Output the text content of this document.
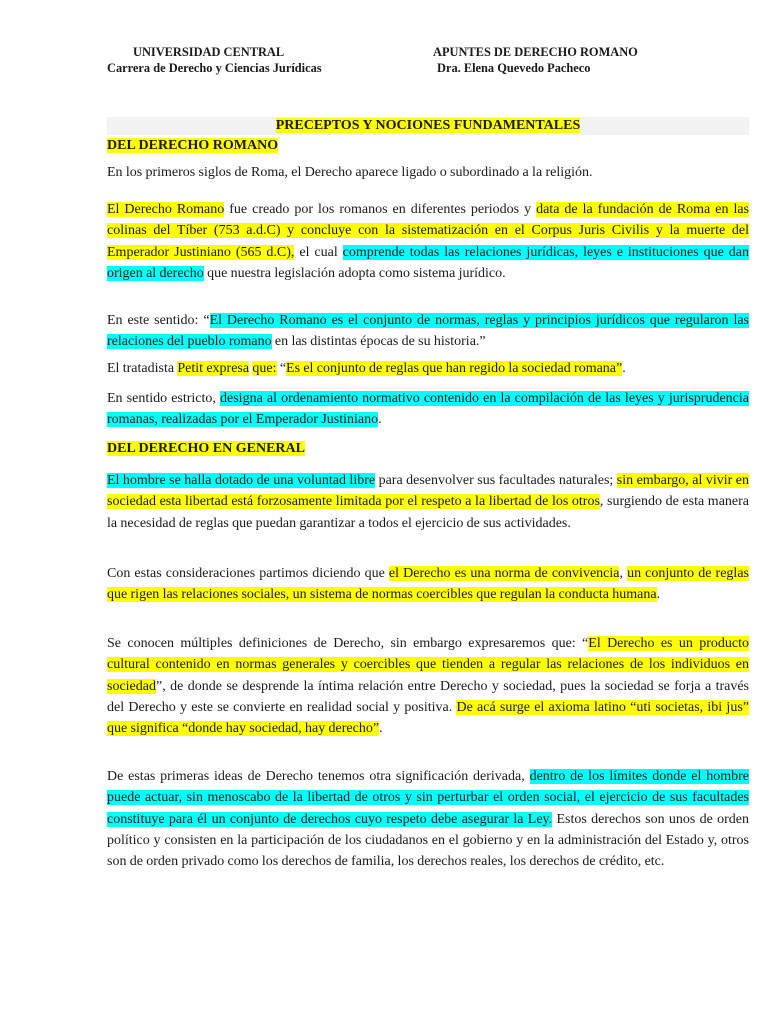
UNIVERSIDAD CENTRAL
Carrera de Derecho y Ciencias Jurídicas
APUNTES DE DERECHO ROMANO
Dra. Elena Quevedo Pacheco
PRECEPTOS Y NOCIONES FUNDAMENTALES
DEL DERECHO ROMANO
En los primeros siglos de Roma, el Derecho aparece ligado o subordinado a la religión.
El Derecho Romano fue creado por los romanos en diferentes periodos y data de la fundación de Roma en las colinas del Tíber (753 a.d.C) y concluye con la sistematización en el Corpus Juris Civilis y la muerte del Emperador Justiniano (565 d.C), el cual comprende todas las relaciones jurídicas, leyes e instituciones que dan origen al derecho que nuestra legislación adopta como sistema jurídico.
En este sentido: “El Derecho Romano es el conjunto de normas, reglas y principios jurídicos que regularon las relaciones del pueblo romano en las distintas épocas de su historia.”
El tratadista Petit expresa que: “Es el conjunto de reglas que han regido la sociedad romana”.
En sentido estricto, designa al ordenamiento normativo contenido en la compilación de las leyes y jurisprudencia romanas, realizadas por el Emperador Justiniano.
DEL DERECHO EN GENERAL
El hombre se halla dotado de una voluntad libre para desenvolver sus facultades naturales; sin embargo, al vivir en sociedad esta libertad está forzosamente limitada por el respeto a la libertad de los otros, surgiendo de esta manera la necesidad de reglas que puedan garantizar a todos el ejercicio de sus actividades.
Con estas consideraciones partimos diciendo que el Derecho es una norma de convivencia, un conjunto de reglas que rigen las relaciones sociales, un sistema de normas coercibles que regulan la conducta humana.
Se conocen múltiples definiciones de Derecho, sin embargo expresaremos que: “El Derecho es un producto cultural contenido en normas generales y coercibles que tienden a regular las relaciones de los individuos en sociedad”, de donde se desprende la íntima relación entre Derecho y sociedad, pues la sociedad se forja a través del Derecho y este se convierte en realidad social y positiva. De acá surge el axioma latino “uti societas, ibi jus” que significa “donde hay sociedad, hay derecho”.
De estas primeras ideas de Derecho tenemos otra significación derivada, dentro de los límites donde el hombre puede actuar, sin menoscabo de la libertad de otros y sin perturbar el orden social, el ejercicio de sus facultades constituye para él un conjunto de derechos cuyo respeto debe asegurar la Ley. Estos derechos son unos de orden político y consisten en la participación de los ciudadanos en el gobierno y en la administración del Estado y, otros son de orden privado como los derechos de familia, los derechos reales, los derechos de crédito, etc.
